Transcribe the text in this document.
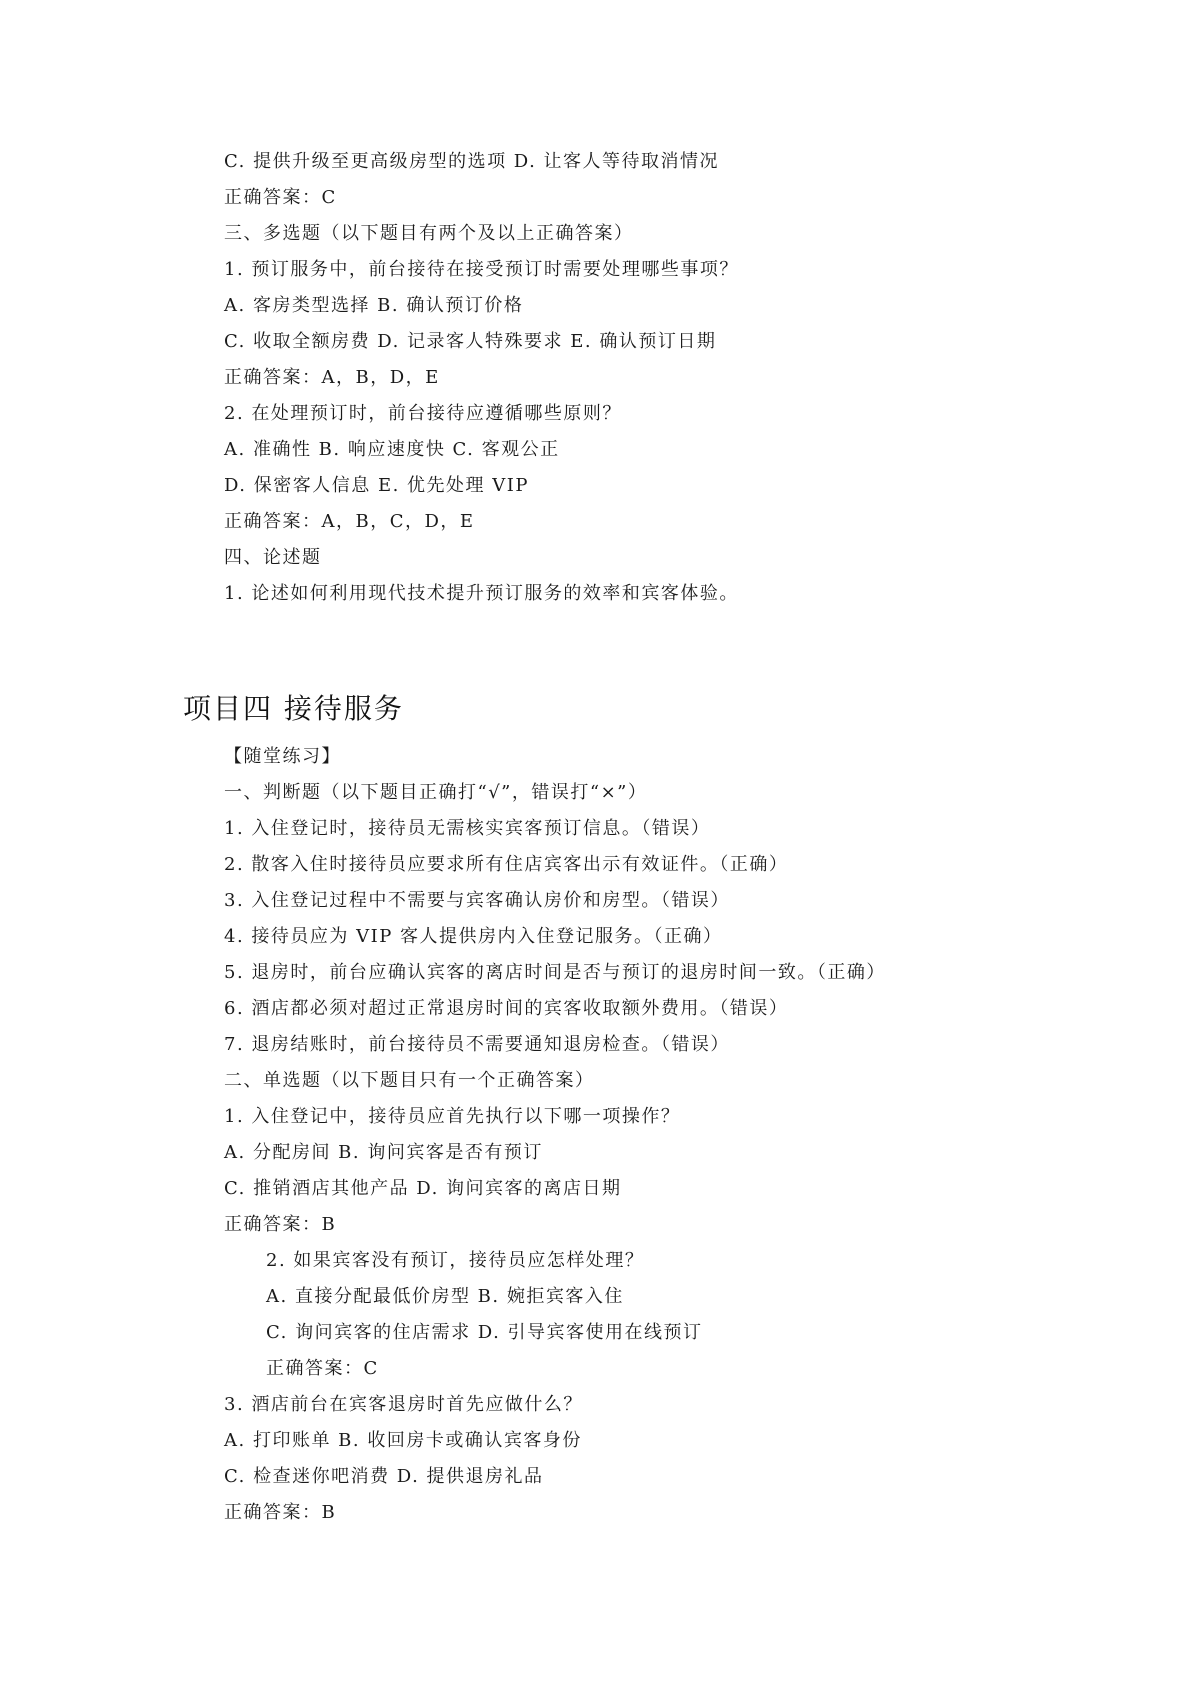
C. 提供升级至更高级房型的选项 D. 让客人等待取消情况
正确答案：C
三、多选题（以下题目有两个及以上正确答案）
1. 预订服务中，前台接待在接受预订时需要处理哪些事项？
A. 客房类型选择 B. 确认预订价格
C. 收取全额房费 D. 记录客人特殊要求 E. 确认预订日期
正确答案：A，B，D，E
2. 在处理预订时，前台接待应遵循哪些原则？
A. 准确性 B. 响应速度快 C. 客观公正
D. 保密客人信息 E. 优先处理 VIP
正确答案：A，B，C，D，E
四、论述题
1. 论述如何利用现代技术提升预订服务的效率和宾客体验。
项目四 接待服务
【随堂练习】
一、判断题（以下题目正确打“√”，错误打“×”）
1. 入住登记时，接待员无需核实宾客预订信息。（错误）
2. 散客入住时接待员应要求所有住店宾客出示有效证件。（正确）
3. 入住登记过程中不需要与宾客确认房价和房型。（错误）
4. 接待员应为 VIP 客人提供房内入住登记服务。（正确）
5. 退房时，前台应确认宾客的离店时间是否与预订的退房时间一致。（正确）
6. 酒店都必须对超过正常退房时间的宾客收取额外费用。（错误）
7. 退房结账时，前台接待员不需要通知退房检查。（错误）
二、单选题（以下题目只有一个正确答案）
1. 入住登记中，接待员应首先执行以下哪一项操作？
A. 分配房间 B. 询问宾客是否有预订
C. 推销酒店其他产品 D. 询问宾客的离店日期
正确答案：B
2. 如果宾客没有预订，接待员应怎样处理？
A. 直接分配最低价房型 B. 婉拒宾客入住
C. 询问宾客的住店需求 D. 引导宾客使用在线预订
正确答案：C
3. 酒店前台在宾客退房时首先应做什么？
A. 打印账单 B. 收回房卡或确认宾客身份
C. 检查迷你吧消费 D. 提供退房礼品
正确答案：B
